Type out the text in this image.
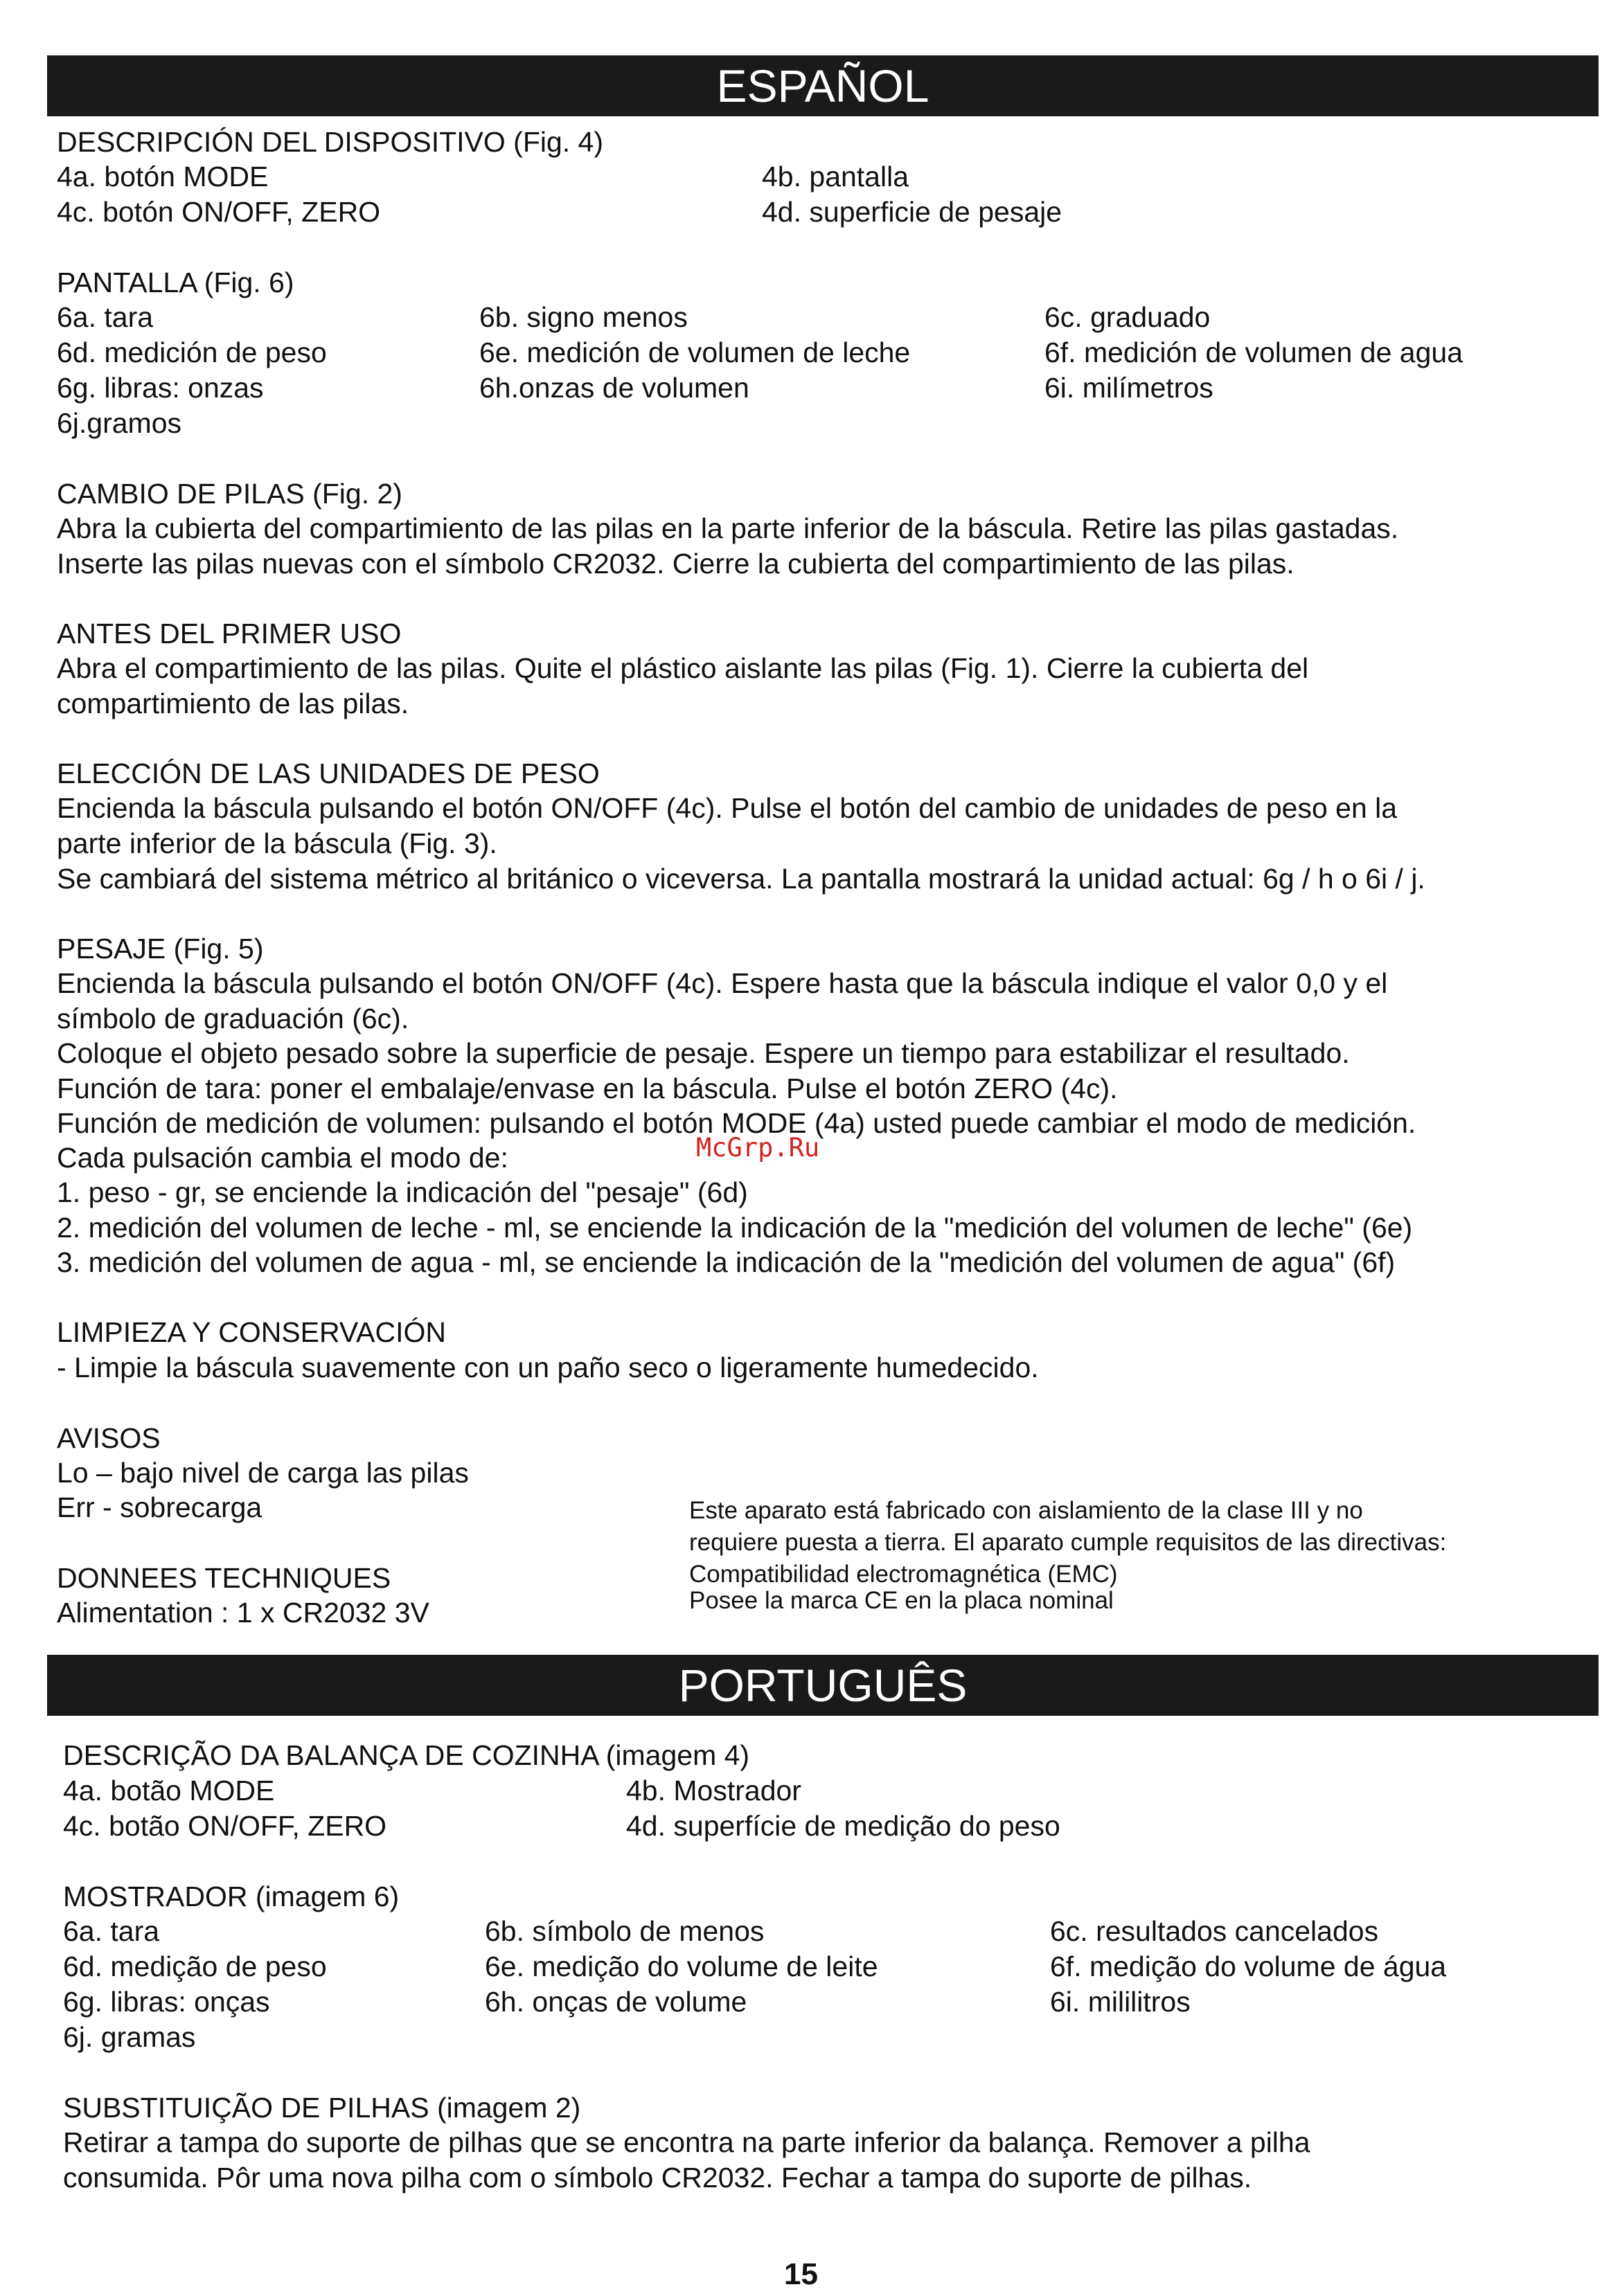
ESPAÑOL
DESCRIPCIÓN DEL DISPOSITIVO (Fig. 4)
4a. botón MODE	4b. pantalla
4c. botón ON/OFF, ZERO	4d. superficie de pesaje
PANTALLA (Fig. 6)
6a. tara	6b. signo menos	6c. graduado
6d. medición de peso	6e. medición de volumen de leche	6f. medición de volumen de agua
6g. libras: onzas	6h.onzas de volumen	6i. milímetros
6j.gramos
CAMBIO DE PILAS (Fig. 2)
Abra la cubierta del compartimiento de las pilas en la parte inferior de la báscula. Retire las pilas gastadas.
Inserte las pilas nuevas con el símbolo CR2032. Cierre la cubierta del compartimiento de las pilas.
ANTES DEL PRIMER USO
Abra el compartimiento de las pilas. Quite el plástico aislante las pilas (Fig. 1). Cierre la cubierta del
compartimiento de las pilas.
ELECCIÓN DE LAS UNIDADES DE PESO
Encienda la báscula pulsando el botón ON/OFF (4c). Pulse el botón del cambio de unidades de peso en la
parte inferior de la báscula (Fig. 3).
Se cambiará del sistema métrico al británico o viceversa. La pantalla mostrará la unidad actual: 6g / h o 6i / j.
PESAJE (Fig. 5)
Encienda la báscula pulsando el botón ON/OFF (4c). Espere hasta que la báscula indique el valor 0,0 y el
símbolo de graduación (6c).
Coloque el objeto pesado sobre la superficie de pesaje. Espere un tiempo para estabilizar el resultado.
Función de tara: poner el embalaje/envase en la báscula. Pulse el botón ZERO (4c).
Función de medición de volumen: pulsando el botón MODE (4a) usted puede cambiar el modo de medición.
Cada pulsación cambia el modo de:
1. peso - gr, se enciende la indicación del "pesaje" (6d)
2. medición del volumen de leche - ml, se enciende la indicación de la "medición del volumen de leche" (6e)
3. medición del volumen de agua - ml, se enciende la indicación de la "medición del volumen de agua" (6f)
McGrp.Ru
LIMPIEZA Y CONSERVACIÓN
- Limpie la báscula suavemente con un paño seco o ligeramente humedecido.
AVISOS
Lo – bajo nivel de carga las pilas
Err - sobrecarga
DONNEES TECHNIQUES
Alimentation : 1 x CR2032 3V
Este aparato está fabricado con aislamiento de la clase III y no
requiere puesta a tierra. El aparato cumple requisitos de las directivas:
Compatibilidad electromagnética (EMC)
Posee la marca CE en la placa nominal
PORTUGUÊS
DESCRIÇÃO DA BALANÇA DE COZINHA (imagem 4)
4a. botão MODE	4b. Mostrador
4c. botão ON/OFF, ZERO	4d. superfície de medição do peso
MOSTRADOR (imagem 6)
6a. tara	6b. símbolo de menos	6c. resultados cancelados
6d. medição de peso	6e. medição do volume de leite	6f. medição do volume de água
6g. libras: onças	6h. onças de volume	6i. mililitros
6j. gramas
SUBSTITUIÇÃO DE PILHAS (imagem 2)
Retirar a tampa do suporte de pilhas que se encontra na parte inferior da balança. Remover a pilha
consumida. Pôr uma nova pilha com o símbolo CR2032. Fechar a tampa do suporte de pilhas.
15
